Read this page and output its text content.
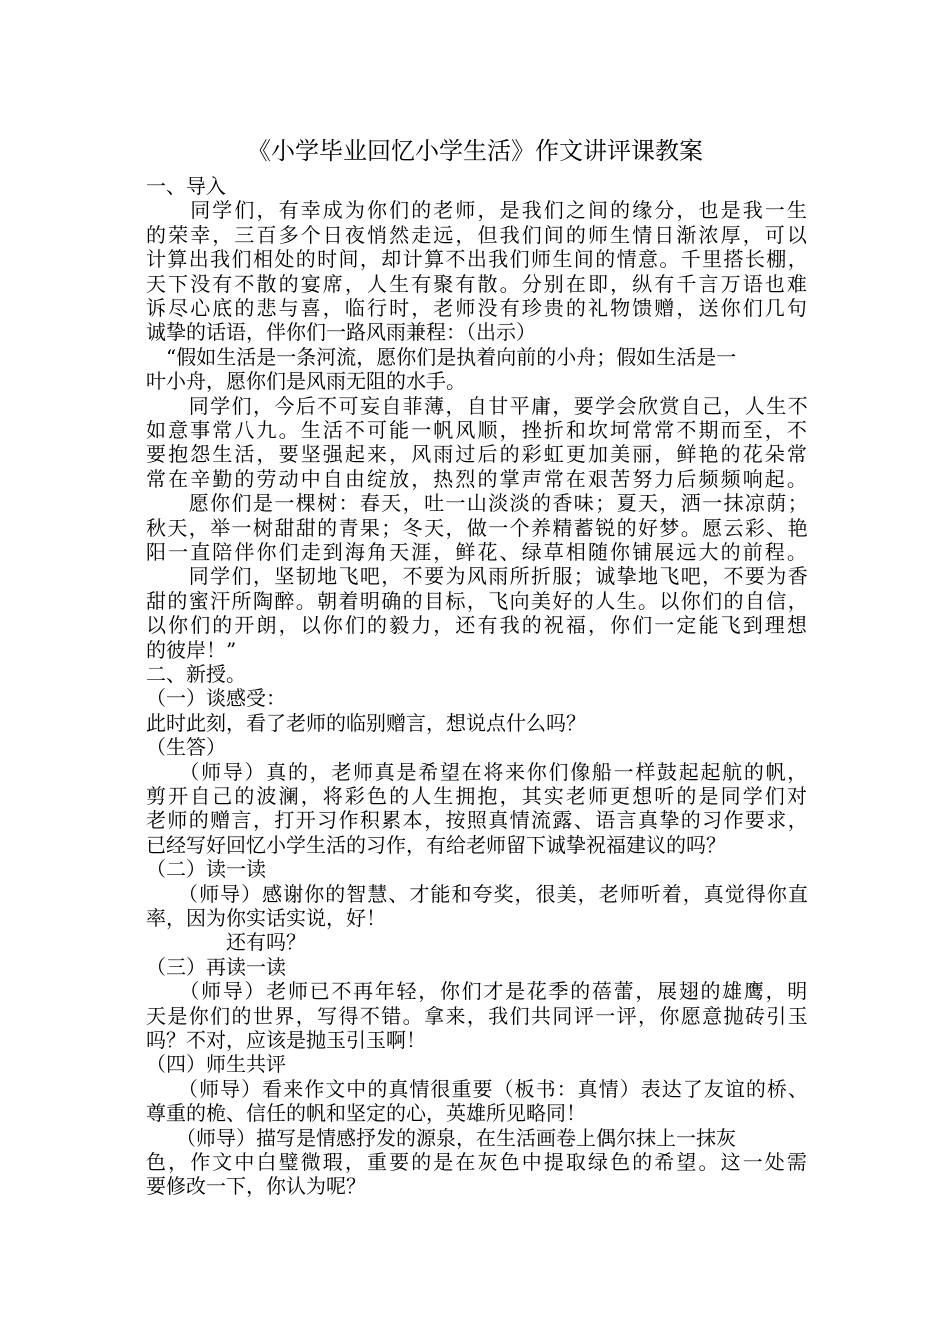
《小学毕业回忆小学生活》作文讲评课教案
一、导入
　　同学们，有幸成为你们的老师，是我们之间的缘分，也是我一生
的荣幸，三百多个日夜悄然走远，但我们间的师生情日渐浓厚，可以
计算出我们相处的时间，却计算不出我们师生间的情意。千里搭长棚，
天下没有不散的宴席，人生有聚有散。分别在即，纵有千言万语也难
诉尽心底的悲与喜，临行时，老师没有珍贵的礼物馈赠，送你们几句
诚挚的话语，伴你们一路风雨兼程：（出示）
　“假如生活是一条河流，愿你们是执着向前的小舟；假如生活是一
叶小舟，愿你们是风雨无阻的水手。
　　同学们，今后不可妄自菲薄，自甘平庸，要学会欣赏自己，人生不
如意事常八九。生活不可能一帆风顺，挫折和坎坷常常不期而至，不
要抱怨生活，要坚强起来，风雨过后的彩虹更加美丽，鲜艳的花朵常
常在辛勤的劳动中自由绽放，热烈的掌声常在艰苦努力后频频响起。
　　愿你们是一棵树：春天，吐一山淡淡的香味；夏天，洒一抹凉荫；
秋天，举一树甜甜的青果；冬天，做一个养精蓄锐的好梦。愿云彩、艳
阳一直陪伴你们走到海角天涯，鲜花、绿草相随你铺展远大的前程。
　　同学们，坚韧地飞吧，不要为风雨所折服；诚挚地飞吧，不要为香
甜的蜜汗所陶醉。朝着明确的目标，飞向美好的人生。以你们的自信，
以你们的开朗，以你们的毅力，还有我的祝福，你们一定能飞到理想
的彼岸！”
二、新授。
（一）谈感受：
此时此刻，看了老师的临别赠言，想说点什么吗？
（生答）
　　（师导）真的，老师真是希望在将来你们像船一样鼓起起航的帆，
剪开自己的波澜，将彩色的人生拥抱，其实老师更想听的是同学们对
老师的赠言，打开习作积累本，按照真情流露、语言真挚的习作要求，
已经写好回忆小学生活的习作，有给老师留下诚挚祝福建议的吗？
（二）读一读
　　（师导）感谢你的智慧、才能和夸奖，很美，老师听着，真觉得你直
率，因为你实话实说，好！
　　　　还有吗？
（三）再读一读
　　（师导）老师已不再年轻，你们才是花季的蓓蕾，展翅的雄鹰，明
天是你们的世界，写得不错。拿来，我们共同评一评，你愿意抛砖引玉
吗？不对，应该是抛玉引玉啊！
（四）师生共评
　　（师导）看来作文中的真情很重要（板书：真情）表达了友谊的桥、
尊重的桅、信任的帆和坚定的心，英雄所见略同！
　　（师导）描写是情感抒发的源泉，在生活画卷上偶尔抹上一抹灰
色，作文中白璧微瑕，重要的是在灰色中提取绿色的希望。这一处需
要修改一下，你认为呢？
